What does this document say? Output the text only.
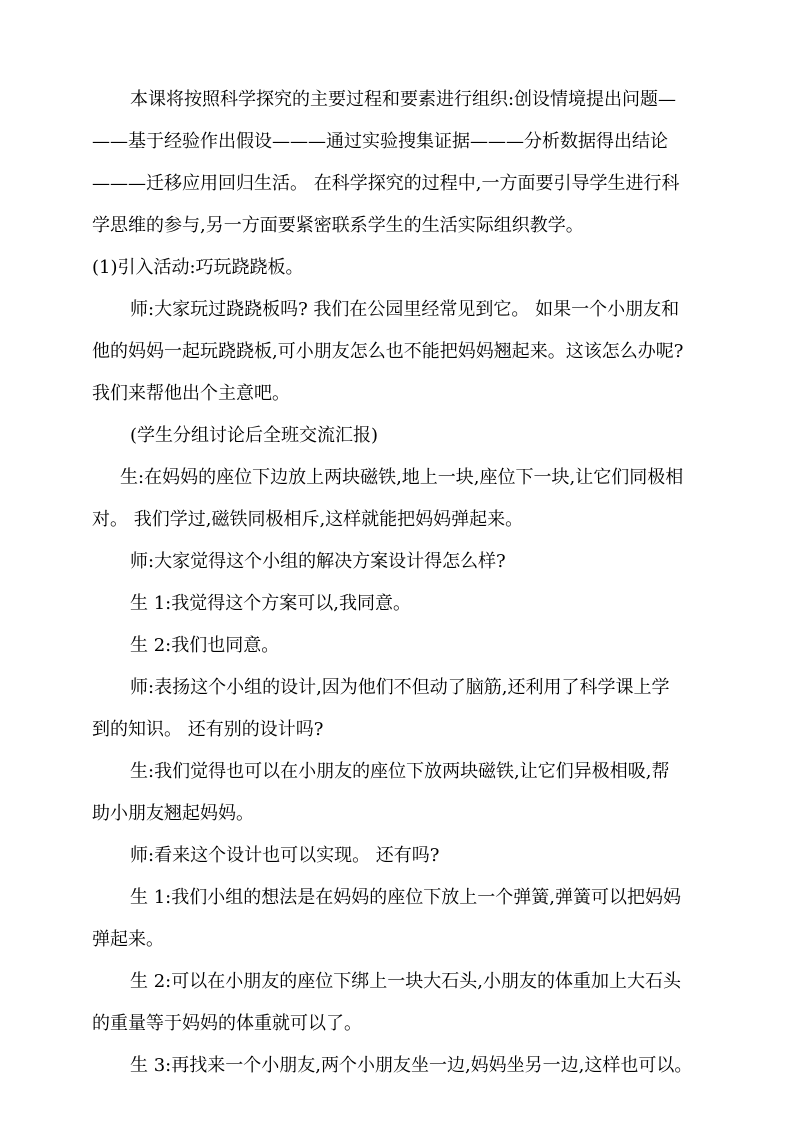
本课将按照科学探究的主要过程和要素进行组织:创设情境提出问题—
——基于经验作出假设———通过实验搜集证据———分析数据得出结论
———迁移应用回归生活。 在科学探究的过程中,一方面要引导学生进行科
学思维的参与,另一方面要紧密联系学生的生活实际组织教学。
(1)引入活动:巧玩跷跷板。
师:大家玩过跷跷板吗? 我们在公园里经常见到它。 如果一个小朋友和
他的妈妈一起玩跷跷板,可小朋友怎么也不能把妈妈翘起来。这该怎么办呢?
我们来帮他出个主意吧。
(学生分组讨论后全班交流汇报)
生:在妈妈的座位下边放上两块磁铁,地上一块,座位下一块,让它们同极相
对。 我们学过,磁铁同极相斥,这样就能把妈妈弹起来。
师:大家觉得这个小组的解决方案设计得怎么样?
生 1:我觉得这个方案可以,我同意。
生 2:我们也同意。
师:表扬这个小组的设计,因为他们不但动了脑筋,还利用了科学课上学
到的知识。 还有别的设计吗?
生:我们觉得也可以在小朋友的座位下放两块磁铁,让它们异极相吸,帮
助小朋友翘起妈妈。
师:看来这个设计也可以实现。 还有吗?
生 1:我们小组的想法是在妈妈的座位下放上一个弹簧,弹簧可以把妈妈
弹起来。
生 2:可以在小朋友的座位下绑上一块大石头,小朋友的体重加上大石头
的重量等于妈妈的体重就可以了。
生 3:再找来一个小朋友,两个小朋友坐一边,妈妈坐另一边,这样也可以。
